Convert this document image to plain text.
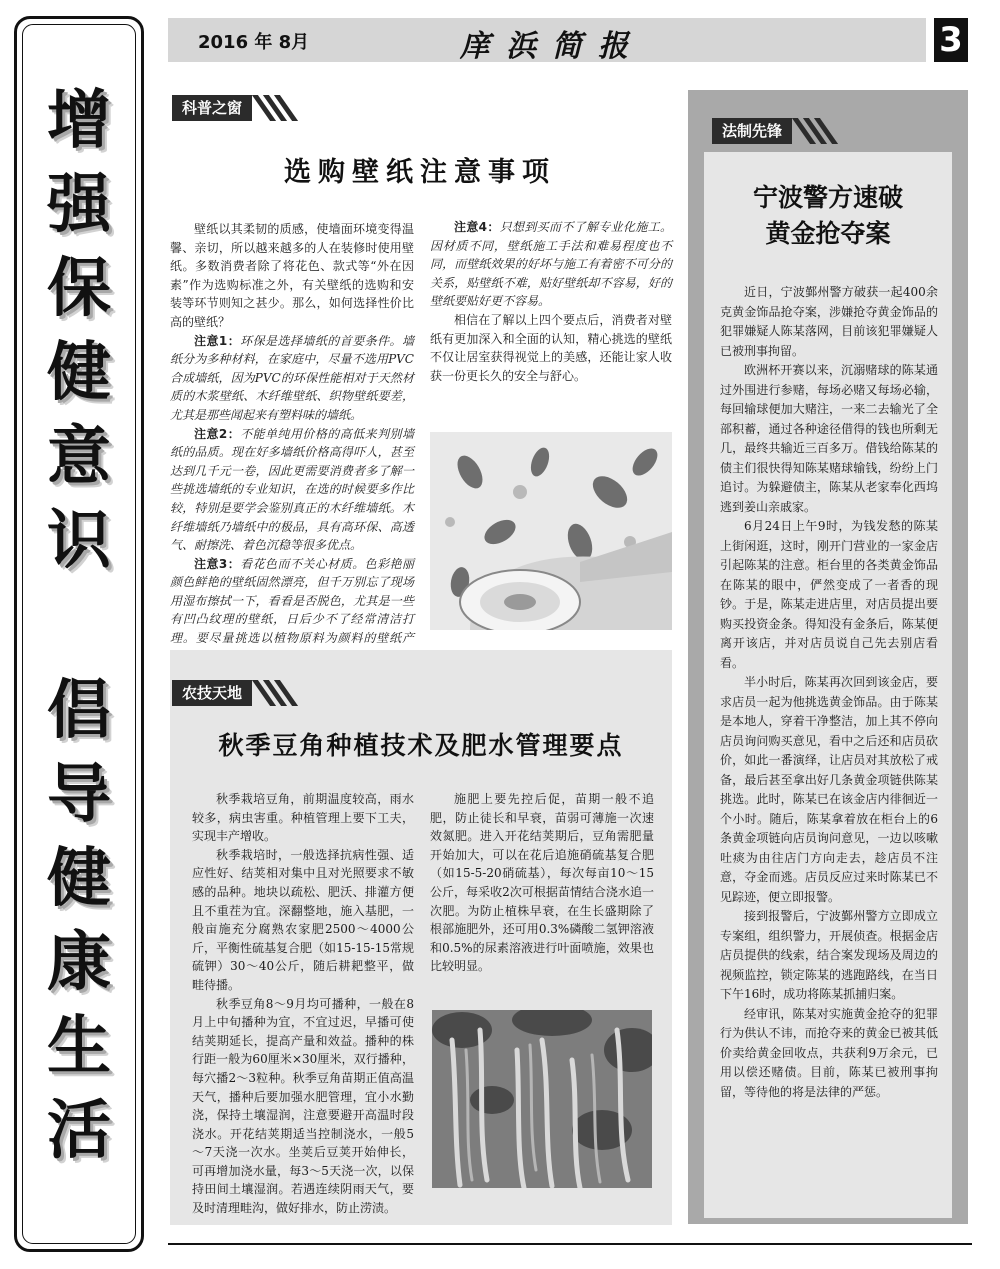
增
强
保
健
意
识
倡
导
健
康
生
活
2016 年 8月	庠浜简报	3
科普之窗
选购壁纸注意事项

壁纸以其柔韧的质感，使墙面环境变得温馨、亲切，所以越来越多的人在装修时使用壁纸。多数消费者除了将花色、款式等“外在因素”作为选购标准之外，有关壁纸的选购和安装等环节则知之甚少。那么，如何选择性价比高的壁纸？

注意1：环保是选择墙纸的首要条件。墙纸分为多种材料，在家庭中，尽量不选用PVC合成墙纸，因为PVC的环保性能相对于天然材质的木浆壁纸、木纤维壁纸、织物壁纸要差，尤其是那些闻起来有塑料味的墙纸。

注意2：不能单纯用价格的高低来判别墙纸的品质。现在好多墙纸价格高得吓人，甚至达到几千元一卷，因此更需要消费者多了解一些挑选墙纸的专业知识，在选的时候要多作比较，特别是要学会鉴别真正的木纤维墙纸。木纤维墙纸乃墙纸中的极品，具有高环保、高透气、耐擦洗、着色沉稳等很多优点。

注意3：看花色而不关心材质。色彩艳丽颜色鲜艳的壁纸固然漂亮，但千万别忘了现场用湿布擦拭一下，看看是否脱色，尤其是一些有凹凸纹理的壁纸，日后少不了经常清洁打理。要尽量挑选以植物原料为颜料的壁纸产

注意4：只想到买而不了解专业化施工。因材质不同，壁纸施工手法和难易程度也不同，而壁纸效果的好坏与施工有着密不可分的关系，贴壁纸不难，贴好壁纸却不容易，好的壁纸要贴好更不容易。

相信在了解以上四个要点后，消费者对壁纸有更加深入和全面的认知，精心挑选的壁纸不仅让居室获得视觉上的美感，还能让家人收获一份更长久的安全与舒心。

农技天地
秋季豆角种植技术及肥水管理要点

秋季栽培豆角，前期温度较高，雨水较多，病虫害重。种植管理上要下工夫，实现丰产增收。

秋季栽培时，一般选择抗病性强、适应性好、结荚相对集中且对光照要求不敏感的品种。地块以疏松、肥沃、排灌方便且不重茬为宜。深翻整地，施入基肥，一般亩施充分腐熟农家肥2500～4000公斤，平衡性硫基复合肥（如15-15-15常规硫钾）30～40公斤，随后耕耙整平，做畦待播。

秋季豆角8～9月均可播种，一般在8月上中旬播种为宜，不宜过迟，早播可使结荚期延长，提高产量和效益。播种的株行距一般为60厘米×30厘米，双行播种，每穴播2～3粒种。秋季豆角苗期正值高温天气，播种后要加强水肥管理，宜小水勤浇，保持土壤湿润，注意要避开高温时段浇水。开花结荚期适当控制浇水，一般5～7天浇一次水。坐荚后豆荚开始伸长，可再增加浇水量，每3～5天浇一次，以保持田间土壤湿润。若遇连续阴雨天气，要及时清理畦沟，做好排水，防止涝渍。

施肥上要先控后促，苗期一般不追肥，防止徒长和早衰，苗弱可薄施一次速效氮肥。进入开花结荚期后，豆角需肥量开始加大，可以在花后追施硝硫基复合肥（如15-5-20硝硫基），每次每亩10～15公斤，每采收2次可根据苗情结合浇水追一次肥。为防止植株早衰，在生长盛期除了根部施肥外，还可用0.3%磷酸二氢钾溶液和0.5%的尿素溶液进行叶面喷施，效果也比较明显。

法制先锋
宁波警方速破
黄金抢夺案

近日，宁波鄞州警方破获一起400余克黄金饰品抢夺案，涉嫌抢夺黄金饰品的犯罪嫌疑人陈某落网，目前该犯罪嫌疑人已被刑事拘留。

欧洲杯开赛以来，沉溺赌球的陈某通过外围进行参赌，每场必赌又每场必输，每回输球便加大赌注，一来二去输光了全部积蓄，通过各种途径借得的钱也所剩无几，最终共输近三百多万。借钱给陈某的债主们很快得知陈某赌球输钱，纷纷上门追讨。为躲避债主，陈某从老家奉化西坞逃到姜山亲戚家。

6月24日上午9时，为钱发愁的陈某上街闲逛，这时，刚开门营业的一家金店引起陈某的注意。柜台里的各类黄金饰品在陈某的眼中，俨然变成了一者香的现钞。于是，陈某走进店里，对店员提出要购买投资金条。得知没有金条后，陈某便离开该店，并对店员说自己先去别店看看。

半小时后，陈某再次回到该金店，要求店员一起为他挑选黄金饰品。由于陈某是本地人，穿着干净整洁，加上其不停向店员询问购买意见，看中之后还和店员砍价，如此一番演绎，让店员对其放松了戒备，最后甚至拿出好几条黄金项链供陈某挑选。此时，陈某已在该金店内徘徊近一个小时。随后，陈某拿着放在柜台上的6条黄金项链向店员询问意见，一边以咳嗽吐痰为由往店门方向走去，趁店员不注意，夺金而逃。店员反应过来时陈某已不见踪迹，便立即报警。

接到报警后，宁波鄞州警方立即成立专案组，组织警力，开展侦查。根据金店店员提供的线索，结合案发现场及周边的视频监控，锁定陈某的逃跑路线，在当日下午16时，成功将陈某抓捕归案。

经审讯，陈某对实施黄金抢夺的犯罪行为供认不讳，而抢夺来的黄金已被其低价卖给黄金回收点，共获利9万余元，已用以偿还赌债。目前，陈某已被刑事拘留，等待他的将是法律的严惩。
